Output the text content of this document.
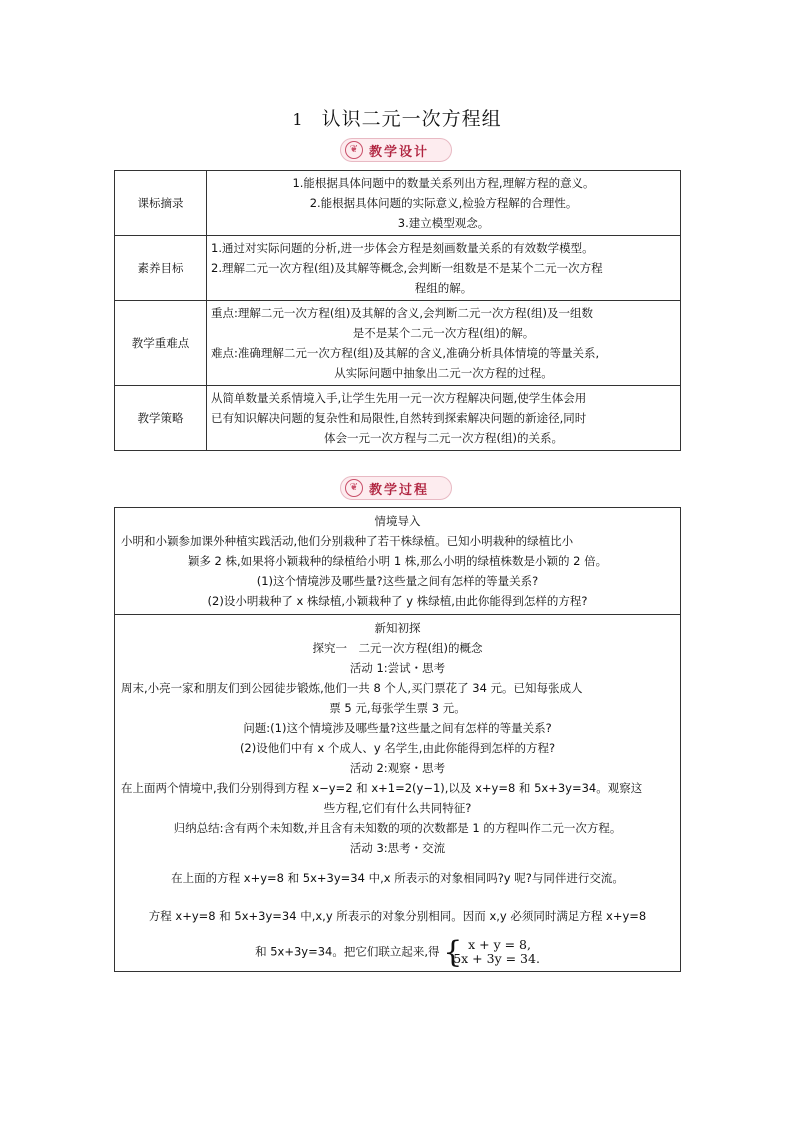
1 认识二元一次方程组
❦ 教学设计
课标摘录	1.能根据具体问题中的数量关系列出方程,理解方程的意义。
2.能根据具体问题的实际意义,检验方程解的合理性。
3.建立模型观念。

素养目标	1.通过对实际问题的分析,进一步体会方程是刻画数量关系的有效数学模型。
2.理解二元一次方程(组)及其解等概念,会判断一组数是不是某个二元一次方程
程组的解。

教学重难点	重点:理解二元一次方程(组)及其解的含义,会判断二元一次方程(组)及一组数
是不是某个二元一次方程(组)的解。
难点:准确理解二元一次方程(组)及其解的含义,准确分析具体情境的等量关系,
从实际问题中抽象出二元一次方程的过程。

教学策略	从简单数量关系情境入手,让学生先用一元一次方程解决问题,使学生体会用
已有知识解决问题的复杂性和局限性,自然转到探索解决问题的新途径,同时
体会一元一次方程与二元一次方程(组)的关系。
❦ 教学过程
情境导入
小明和小颖参加课外种植实践活动,他们分别栽种了若干株绿植。已知小明栽种的绿植比小
颖多 2 株,如果将小颖栽种的绿植给小明 1 株,那么小明的绿植株数是小颖的 2 倍。
(1)这个情境涉及哪些量?这些量之间有怎样的等量关系?
(2)设小明栽种了 x 株绿植,小颖栽种了 y 株绿植,由此你能得到怎样的方程?

新知初探
探究一　二元一次方程(组)的概念
活动 1:尝试・思考
周末,小亮一家和朋友们到公园徒步锻炼,他们一共 8 个人,买门票花了 34 元。已知每张成人
票 5 元,每张学生票 3 元。
问题:(1)这个情境涉及哪些量?这些量之间有怎样的等量关系?
(2)设他们中有 x 个成人、y 名学生,由此你能得到怎样的方程?
活动 2:观察・思考
在上面两个情境中,我们分别得到方程 x−y=2 和 x+1=2(y−1),以及 x+y=8 和 5x+3y=34。观察这
些方程,它们有什么共同特征?
归纳总结:含有两个未知数,并且含有未知数的项的次数都是 1 的方程叫作二元一次方程。
活动 3:思考・交流
在上面的方程 x+y=8 和 5x+3y=34 中,x 所表示的对象相同吗?y 呢?与同伴进行交流。
方程 x+y=8 和 5x+3y=34 中,x,y 所表示的对象分别相同。因而 x,y 必须同时满足方程 x+y=8
和 5x+3y=34。把它们联立起来,得 { x + y = 8,
5x + 3y = 34.
